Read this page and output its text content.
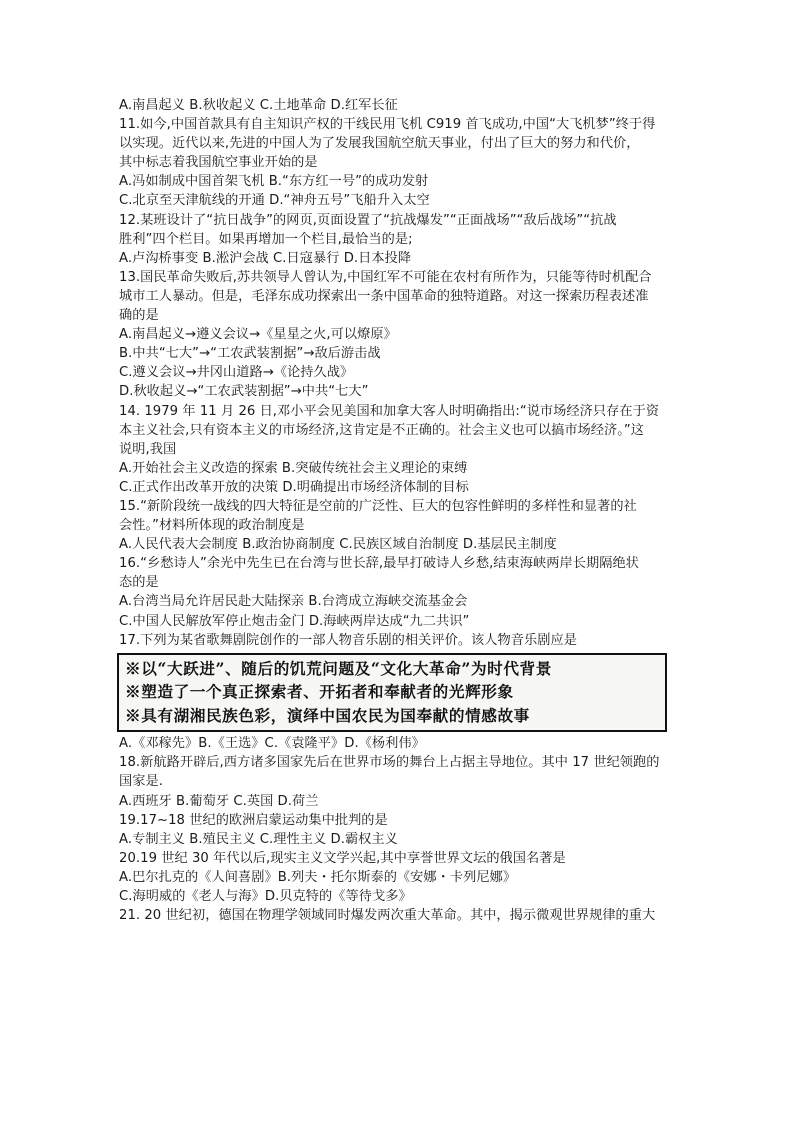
A.南昌起义 B.秋收起义 C.土地革命 D.红军长征
11.如今,中国首款具有自主知识产权的干线民用飞机 C919 首飞成功,中国“大飞机梦”终于得
以实现。近代以来,先进的中国人为了发展我国航空航天事业，付出了巨大的努力和代价，
其中标志着我国航空事业开始的是
A.冯如制成中国首架飞机 B.“东方红一号”的成功发射
C.北京至天津航线的开通 D.“神舟五号”飞船升入太空
12.某班设计了“抗日战争”的网页,页面设置了“抗战爆发”“正面战场”“敌后战场”“抗战
胜利”四个栏目。如果再增加一个栏目,最恰当的是;
A.卢沟桥事变 B.淞沪会战 C.日寇暴行 D.日本投降
13.国民革命失败后,苏共领导人曾认为,中国红军不可能在农村有所作为，只能等待时机配合
城市工人暴动。但是，毛泽东成功探索出一条中国革命的独特道路。对这一探索历程表述准
确的是
A.南昌起义→遵义会议→《星星之火,可以燎原》
B.中共“七大”→“工农武装割据”→敌后游击战
C.遵义会议→井冈山道路→《论持久战》
D.秋收起义→“工农武装割据”→中共“七大”
14. 1979 年 11 月 26 日,邓小平会见美国和加拿大客人时明确指出:“说市场经济只存在于资
本主义社会,只有资本主义的市场经济,这肯定是不正确的。社会主义也可以搞市场经济。”这
说明,我国
A.开始社会主义改造的探索 B.突破传统社会主义理论的束缚
C.正式作出改革开放的决策 D.明确提出市场经济体制的目标
15.“新阶段统一战线的四大特征是空前的广泛性、巨大的包容性鲜明的多样性和显著的社
会性。”材料所体现的政治制度是
A.人民代表大会制度 B.政治协商制度 C.民族区域自治制度 D.基层民主制度
16.“乡愁诗人”余光中先生已在台湾与世长辞,最早打破诗人乡愁,结束海峡两岸长期隔绝状
态的是
A.台湾当局允许居民赴大陆探亲 B.台湾成立海峡交流基金会
C.中国人民解放军停止炮击金门 D.海峡两岸达成“九二共识”
17.下列为某省歌舞剧院创作的一部人物音乐剧的相关评价。该人物音乐剧应是
※以“大跃进”、随后的饥荒问题及“文化大革命”为时代背景
※塑造了一个真正探索者、开拓者和奉献者的光辉形象
※具有湖湘民族色彩，演绎中国农民为国奉献的情感故事
A.《邓稼先》B.《王选》C.《袁隆平》D.《杨利伟》
18.新航路开辟后,西方诸多国家先后在世界市场的舞台上占据主导地位。其中 17 世纪领跑的
国家是.
A.西班牙 B.葡萄牙 C.英国 D.荷兰
19.17~18 世纪的欧洲启蒙运动集中批判的是
A.专制主义 B.殖民主义 C.理性主义 D.霸权主义
20.19 世纪 30 年代以后,现实主义文学兴起,其中享誉世界文坛的俄国名著是
A.巴尔扎克的《人间喜剧》B.列夫・托尔斯泰的《安娜・卡列尼娜》
C.海明威的《老人与海》D.贝克特的《等待戈多》
21. 20 世纪初，德国在物理学领域同时爆发两次重大革命。其中，揭示微观世界规律的重大
